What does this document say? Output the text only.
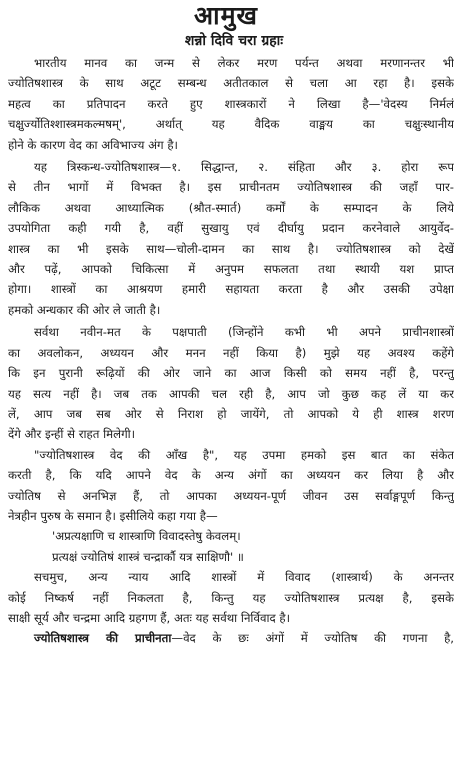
आमुख
शन्नो दिवि चरा ग्रहाः

भारतीय मानव का जन्म से लेकर मरण पर्यन्त अथवा मरणानन्तर भी
ज्योतिषशास्त्र के साथ अटूट सम्बन्ध अतीतकाल से चला आ रहा है। इसके
महत्व का प्रतिपादन करते हुए शास्त्रकारों ने लिखा है—'वेदस्य निर्मलं
चक्षुर्ज्योतिश्शास्त्रमकल्मषम्', अर्थात् यह वैदिक वाङ्मय का चक्षुःस्थानीय
होने के कारण वेद का अविभाज्य अंग है।

यह त्रिस्कन्ध-ज्योतिषशास्त्र—१. सिद्धान्त, २. संहिता और ३. होरा रूप
से तीन भागों में विभक्त है। इस प्राचीनतम ज्योतिषशास्त्र की जहाँ पार-
लौकिक अथवा आध्यात्मिक (श्रौत-स्मार्त) कर्मों के सम्पादन के लिये
उपयोगिता कही गयी है, वहीं सुखायु एवं दीर्घायु प्रदान करनेवाले आयुर्वेद-
शास्त्र का भी इसके साथ—चोली-दामन का साथ है। ज्योतिषशास्त्र को देखें
और पढ़ें, आपको चिकित्सा में अनुपम सफलता तथा स्थायी यश प्राप्त
होगा। शास्त्रों का आश्रयण हमारी सहायता करता है और उसकी उपेक्षा
हमको अन्धकार की ओर ले जाती है।

सर्वथा नवीन-मत के पक्षपाती (जिन्होंने कभी भी अपने प्राचीनशास्त्रों
का अवलोकन, अध्ययन और मनन नहीं किया है) मुझे यह अवश्य कहेंगे
कि इन पुरानी रूढ़ियों की ओर जाने का आज किसी को समय नहीं है, परन्तु
यह सत्य नहीं है। जब तक आपकी चल रही है, आप जो कुछ कह लें या कर
लें, आप जब सब ओर से निराश हो जायेंगे, तो आपको ये ही शास्त्र शरण
देंगे और इन्हीं से राहत मिलेगी।

"ज्योतिषशास्त्र वेद की आँख है", यह उपमा हमको इस बात का संकेत
करती है, कि यदि आपने वेद के अन्य अंगों का अध्ययन कर लिया है और
ज्योतिष से अनभिज्ञ हैं, तो आपका अध्ययन-पूर्ण जीवन उस सर्वाङ्गपूर्ण किन्तु
नेत्रहीन पुरुष के समान है। इसीलिये कहा गया है—

'अप्रत्यक्षाणि च शास्त्राणि विवादस्तेषु केवलम्।
प्रत्यक्षं ज्योतिषं शास्त्रं चन्द्रार्कौ यत्र साक्षिणौ' ॥

सचमुच, अन्य न्याय आदि शास्त्रों में विवाद (शास्त्रार्थ) के अनन्तर
कोई निष्कर्ष नहीं निकलता है, किन्तु यह ज्योतिषशास्त्र प्रत्यक्ष है, इसके
साक्षी सूर्य और चन्द्रमा आदि ग्रहगण हैं, अतः यह सर्वथा निर्विवाद है।

ज्योतिषशास्त्र की प्राचीनता—वेद के छः अंगों में ज्योतिष की गणना है,
